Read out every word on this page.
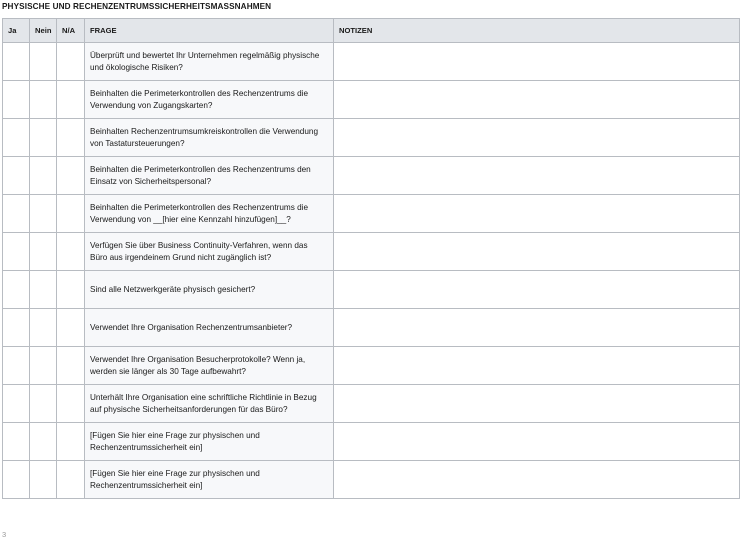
PHYSISCHE UND RECHENZENTRUMSSICHERHEITSMASSNAHMEN
Ja	Nein	N/A	FRAGE	NOTIZEN
			Überprüft und bewertet Ihr Unternehmen regelmäßig physische und ökologische Risiken?	
			Beinhalten die Perimeterkontrollen des Rechenzentrums die Verwendung von Zugangskarten?	
			Beinhalten Rechenzentrumsumkreiskontrollen die Verwendung von Tastatursteuerungen?	
			Beinhalten die Perimeterkontrollen des Rechenzentrums den Einsatz von Sicherheitspersonal?	
			Beinhalten die Perimeterkontrollen des Rechenzentrums die Verwendung von __[hier eine Kennzahl hinzufügen]__?	
			Verfügen Sie über Business Continuity-Verfahren, wenn das Büro aus irgendeinem Grund nicht zugänglich ist?	
			Sind alle Netzwerkgeräte physisch gesichert?	
			Verwendet Ihre Organisation Rechenzentrumsanbieter?	
			Verwendet Ihre Organisation Besucherprotokolle? Wenn ja, werden sie länger als 30 Tage aufbewahrt?	
			Unterhält Ihre Organisation eine schriftliche Richtlinie in Bezug auf physische Sicherheitsanforderungen für das Büro?	
			[Fügen Sie hier eine Frage zur physischen und Rechenzentrumssicherheit ein]	
			[Fügen Sie hier eine Frage zur physischen und Rechenzentrumssicherheit ein]	
3
